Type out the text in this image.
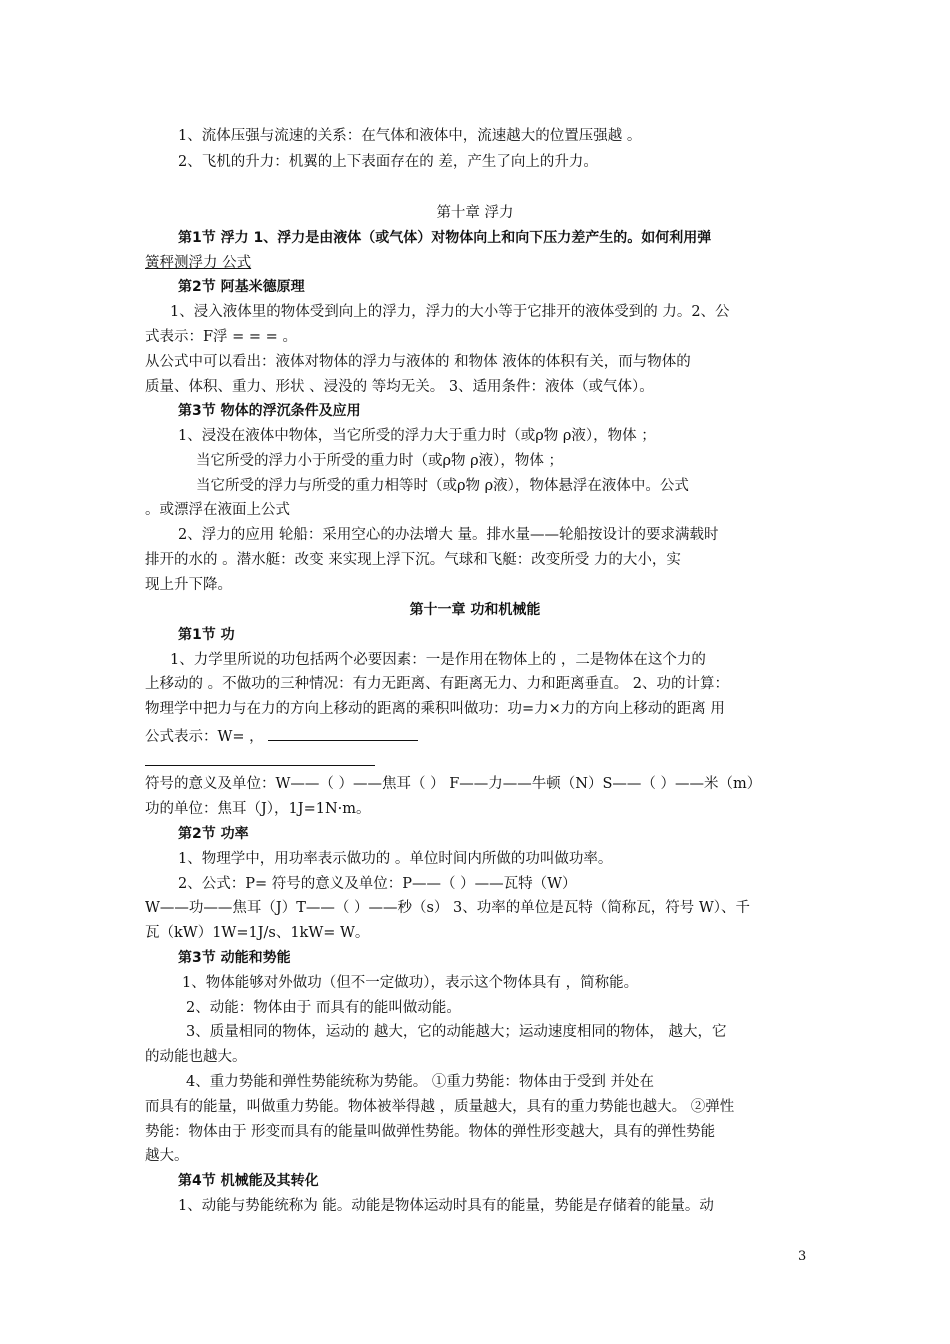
1、流体压强与流速的关系：在气体和液体中，流速越大的位置压强越 。
2、飞机的升力：机翼的上下表面存在的 差，产生了向上的升力。
第十章 浮力
第1节 浮力 1、浮力是由液体（或气体）对物体向上和向下压力差产生的。如何利用弹
簧秤测浮力 公式
第2节 阿基米德原理
1、浸入液体里的物体受到向上的浮力，浮力的大小等于它排开的液体受到的 力。2、公
式表示：F浮 = = = 。
从公式中可以看出：液体对物体的浮力与液体的 和物体 液体的体积有关，而与物体的
质量、体积、重力、形状 、浸没的 等均无关。 3、适用条件：液体（或气体）。
第3节 物体的浮沉条件及应用
1、浸没在液体中物体，当它所受的浮力大于重力时（或ρ物 ρ液），物体 ；
当它所受的浮力小于所受的重力时（或ρ物 ρ液），物体 ；
当它所受的浮力与所受的重力相等时（或ρ物 ρ液），物体悬浮在液体中。公式
。或漂浮在液面上公式
2、浮力的应用 轮船：采用空心的办法增大 量。排水量——轮船按设计的要求满载时
排开的水的 。潜水艇：改变 来实现上浮下沉。气球和飞艇：改变所受 力的大小，实
现上升下降。
第十一章 功和机械能
第1节 功
1、力学里所说的功包括两个必要因素：一是作用在物体上的 ，二是物体在这个力的
上移动的 。不做功的三种情况：有力无距离、有距离无力、力和距离垂直。 2、功的计算：
物理学中把力与在力的方向上移动的距离的乘积叫做功：功=力×力的方向上移动的距离 用
公式表示：W= ，
符号的意义及单位：W——（ ）——焦耳（ ） F——力——牛顿（N）S——（ ）——米（m）
功的单位：焦耳（J），1J=1N·m。
第2节 功率
1、物理学中，用功率表示做功的 。单位时间内所做的功叫做功率。
2、公式：P= 符号的意义及单位：P——（ ）——瓦特（W）
W——功——焦耳（J）T——（ ）——秒（s） 3、功率的单位是瓦特（简称瓦，符号 W）、千
瓦（kW）1W=1J/s、1kW= W。
第3节 动能和势能
1、物体能够对外做功（但不一定做功），表示这个物体具有 ，简称能。
2、动能：物体由于 而具有的能叫做动能。
3、质量相同的物体，运动的 越大，它的动能越大；运动速度相同的物体， 越大，它
的动能也越大。
4、重力势能和弹性势能统称为势能。 ①重力势能：物体由于受到 并处在
而具有的能量，叫做重力势能。物体被举得越 ，质量越大，具有的重力势能也越大。 ②弹性
势能：物体由于 形变而具有的能量叫做弹性势能。物体的弹性形变越大，具有的弹性势能
越大。
第4节 机械能及其转化
1、动能与势能统称为 能。动能是物体运动时具有的能量，势能是存储着的能量。动
3
